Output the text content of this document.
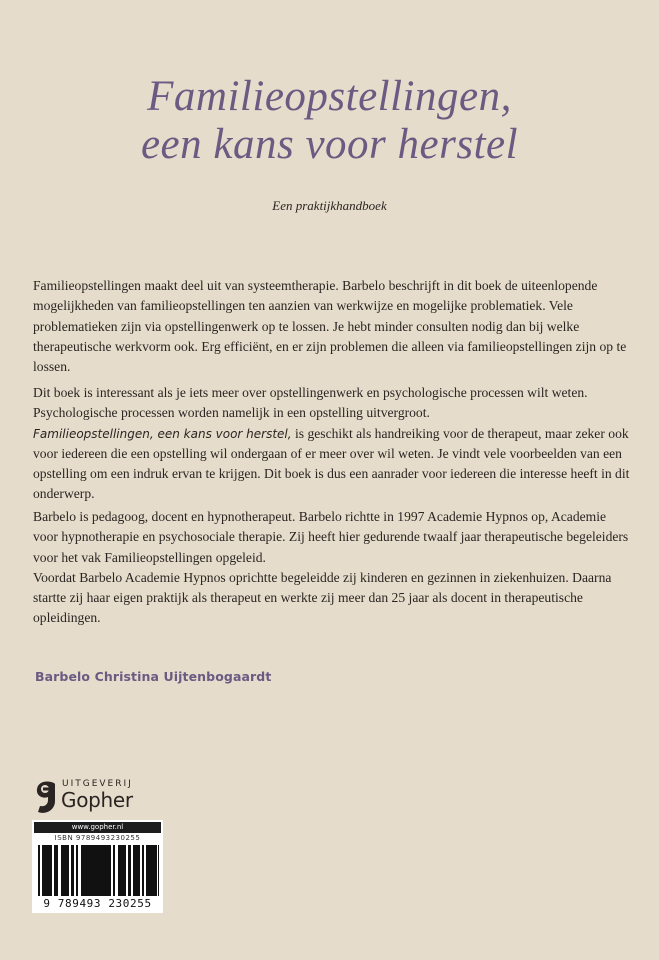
Familieopstellingen,
een kans voor herstel
Een praktijkhandboek
Familieopstellingen maakt deel uit van systeemtherapie. Barbelo beschrijft in dit boek de uiteenlopende mogelijkheden van familieopstellingen ten aanzien van werkwijze en mogelijke problematiek. Vele problematieken zijn via opstellingenwerk op te lossen. Je hebt minder consulten nodig dan bij welke therapeutische werkvorm ook. Erg efficiënt, en er zijn problemen die alleen via familieopstellingen zijn op te lossen.
Dit boek is interessant als je iets meer over opstellingenwerk en psychologische processen wilt weten. Psychologische processen worden namelijk in een opstelling uitvergroot.
Familieopstellingen, een kans voor herstel, is geschikt als handreiking voor de therapeut, maar zeker ook voor iedereen die een opstelling wil ondergaan of er meer over wil weten. Je vindt vele voorbeelden van een opstelling om een indruk ervan te krijgen. Dit boek is dus een aanrader voor iedereen die interesse heeft in dit onderwerp.
Barbelo is pedagoog, docent en hypnotherapeut. Barbelo richtte in 1997 Academie Hypnos op, Academie voor hypnotherapie en psychosociale therapie. Zij heeft hier gedurende twaalf jaar therapeutische begeleiders voor het vak Familieopstellingen opgeleid.
Voordat Barbelo Academie Hypnos oprichtte begeleidde zij kinderen en gezinnen in ziekenhuizen. Daarna startte zij haar eigen praktijk als therapeut en werkte zij meer dan 25 jaar als docent in therapeutische opleidingen.
Barbelo Christina Uijtenbogaardt
UITGEVERIJ
Gopher
www.gopher.nl
ISBN 9789493230255
9 789493 230255
